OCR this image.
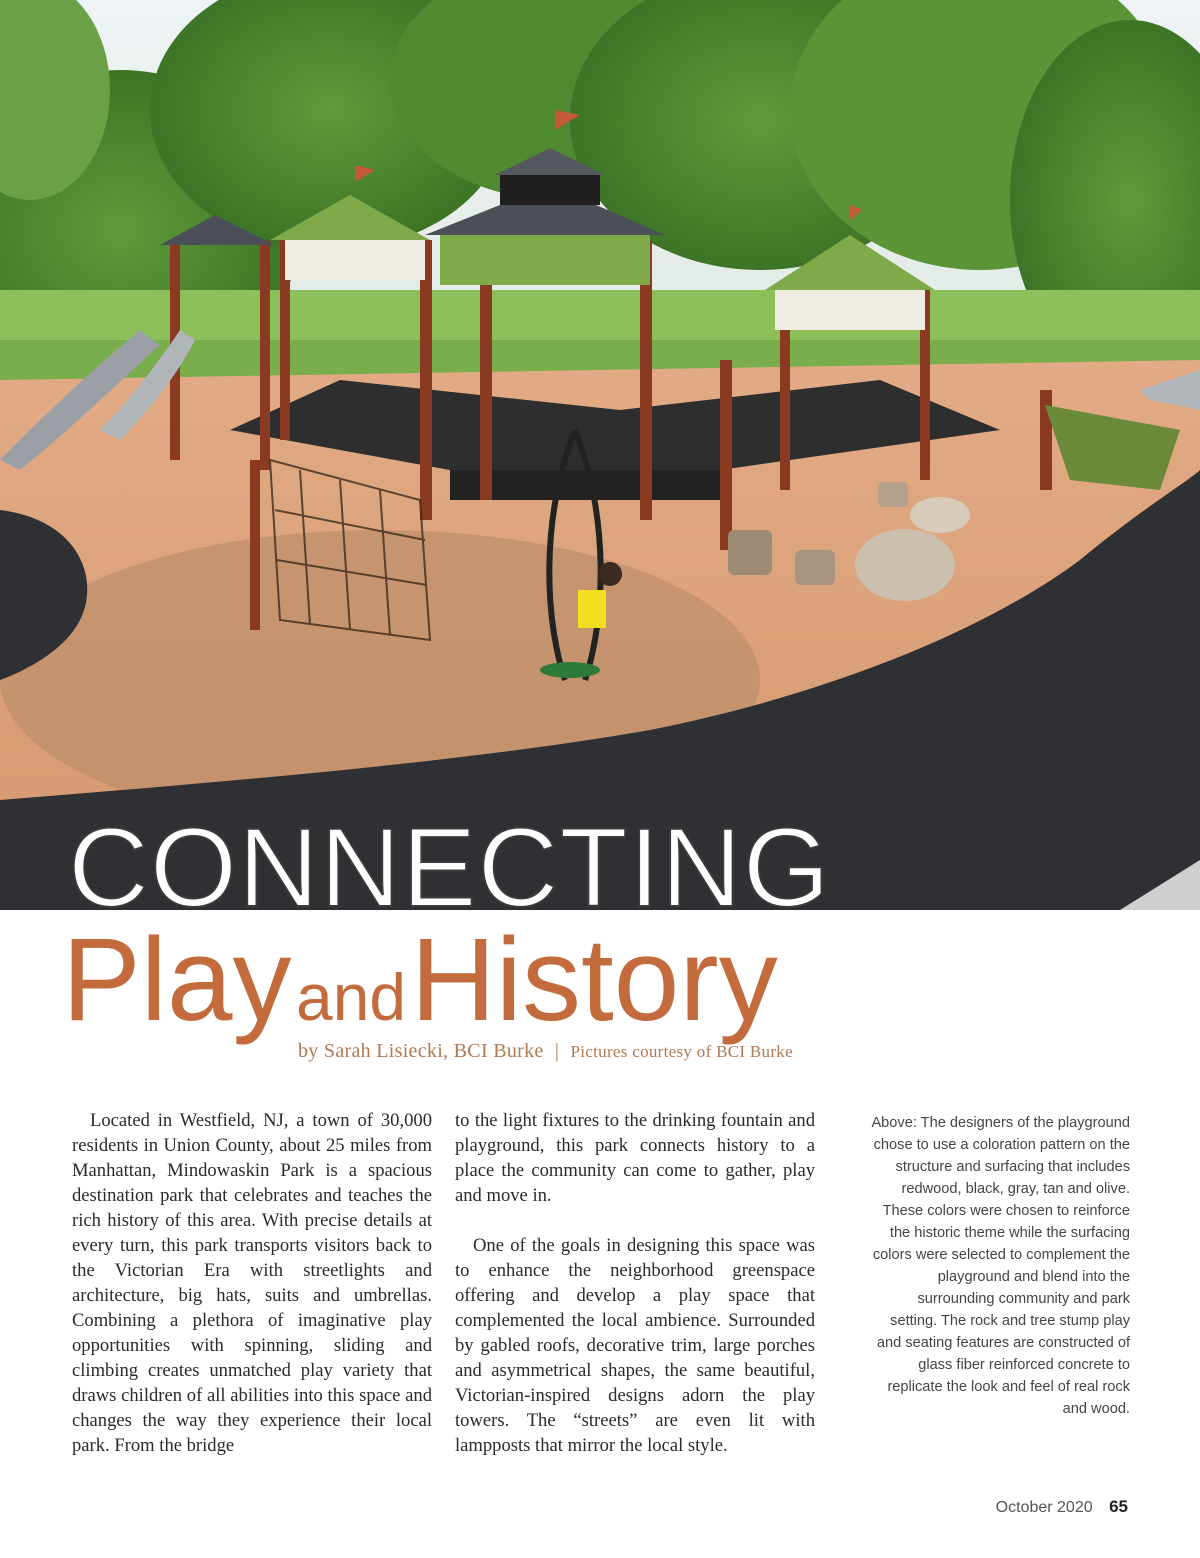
CONNECTING
Play and History
by Sarah Lisiecki, BCI Burke | Pictures courtesy of BCI Burke

Located in Westfield, NJ, a town of 30,000 residents in Union County, about 25 miles from Manhattan, Mindowaskin Park is a spacious destination park that celebrates and teaches the rich history of this area. With precise details at every turn, this park transports visitors back to the Victorian Era with streetlights and architecture, big hats, suits and umbrellas. Combining a plethora of imaginative play opportunities with spinning, sliding and climbing creates unmatched play variety that draws children of all abilities into this space and changes the way they experience their local park. From the bridge

to the light fixtures to the drinking fountain and playground, this park connects history to a place the community can come to gather, play and move in.

One of the goals in designing this space was to enhance the neighborhood greenspace offering and develop a play space that complemented the local ambience. Surrounded by gabled roofs, decorative trim, large porches and asymmetrical shapes, the same beautiful, Victorian-inspired designs adorn the play towers. The “streets” are even lit with lampposts that mirror the local style.

Above: The designers of the playground chose to use a coloration pattern on the structure and surfacing that includes redwood, black, gray, tan and olive. These colors were chosen to reinforce the historic theme while the surfacing colors were selected to complement the playground and blend into the surrounding community and park setting. The rock and tree stump play and seating features are constructed of glass fiber reinforced concrete to replicate the look and feel of real rock and wood.
October 2020 65
